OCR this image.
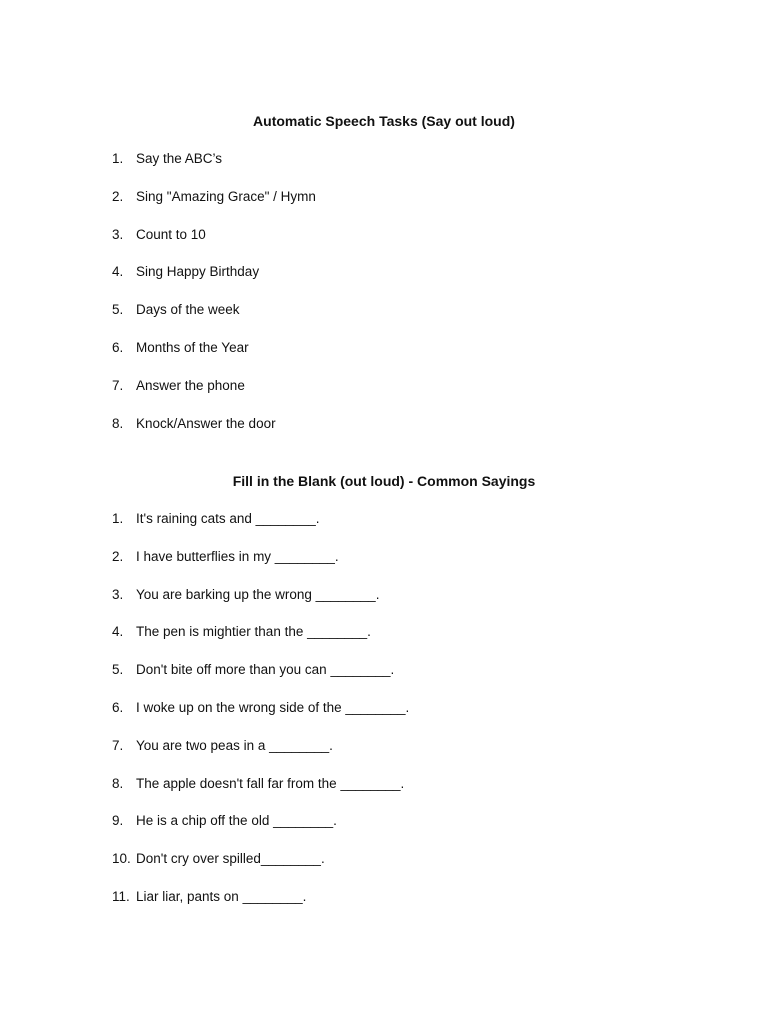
Automatic Speech Tasks (Say out loud)
1. Say the ABC’s
2. Sing "Amazing Grace" / Hymn
3. Count to 10
4. Sing Happy Birthday
5. Days of the week
6. Months of the Year
7. Answer the phone
8. Knock/Answer the door
Fill in the Blank (out loud) - Common Sayings
1. It's raining cats and ________.
2. I have butterflies in my ________.
3. You are barking up the wrong ________.
4. The pen is mightier than the ________.
5. Don't bite off more than you can ________.
6. I woke up on the wrong side of the ________.
7. You are two peas in a ________.
8. The apple doesn't fall far from the ________.
9. He is a chip off the old ________.
10. Don't cry over spilled________.
11. Liar liar, pants on ________.
